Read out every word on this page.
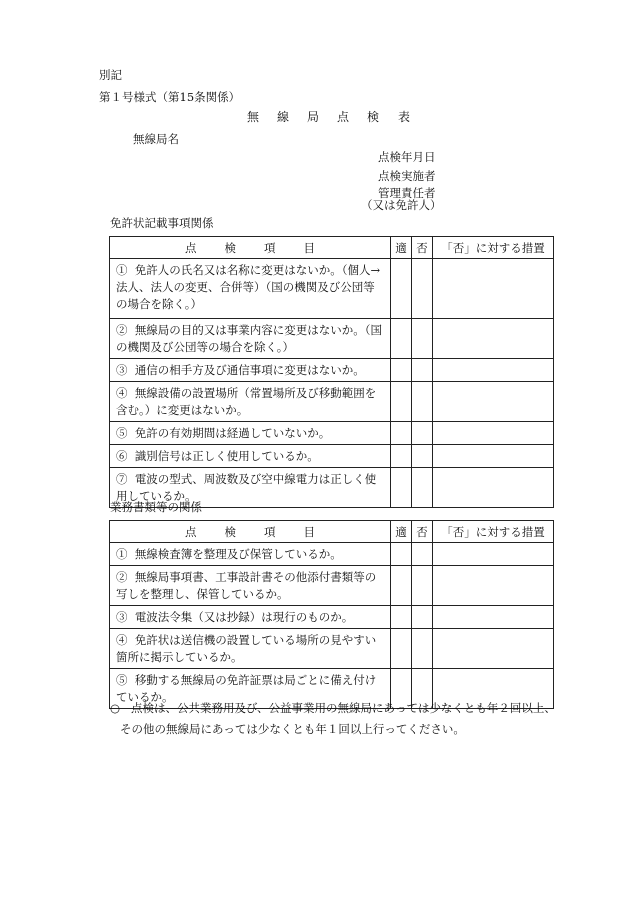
別記
第１号様式（第15条関係）
無 線 局 点 検 表
無線局名
点検年月日
点検実施者
管理責任者
（又は免許人）
免許状記載事項関係
点 検 項 目	適	否	「否」に対する措置
① 免許人の氏名又は名称に変更はないか。（個人→法人、法人の変更、合併等）（国の機関及び公団等の場合を除く。）			
② 無線局の目的又は事業内容に変更はないか。（国の機関及び公団等の場合を除く。）			
③ 通信の相手方及び通信事項に変更はないか。			
④ 無線設備の設置場所（常置場所及び移動範囲を含む。）に変更はないか。			
⑤ 免許の有効期間は経過していないか。			
⑥ 識別信号は正しく使用しているか。			
⑦ 電波の型式、周波数及び空中線電力は正しく使用しているか。			
業務書類等の関係
点 検 項 目	適	否	「否」に対する措置
① 無線検査簿を整理及び保管しているか。			
② 無線局事項書、工事設計書その他添付書類等の写しを整理し、保管しているか。			
③ 電波法令集（又は抄録）は現行のものか。			
④ 免許状は送信機の設置している場所の見やすい箇所に掲示しているか。			
⑤ 移動する無線局の免許証票は局ごとに備え付けているか。			
○ 点検は、公共業務用及び、公益事業用の無線局にあっては少なくとも年２回以上、
その他の無線局にあっては少なくとも年１回以上行ってください。
